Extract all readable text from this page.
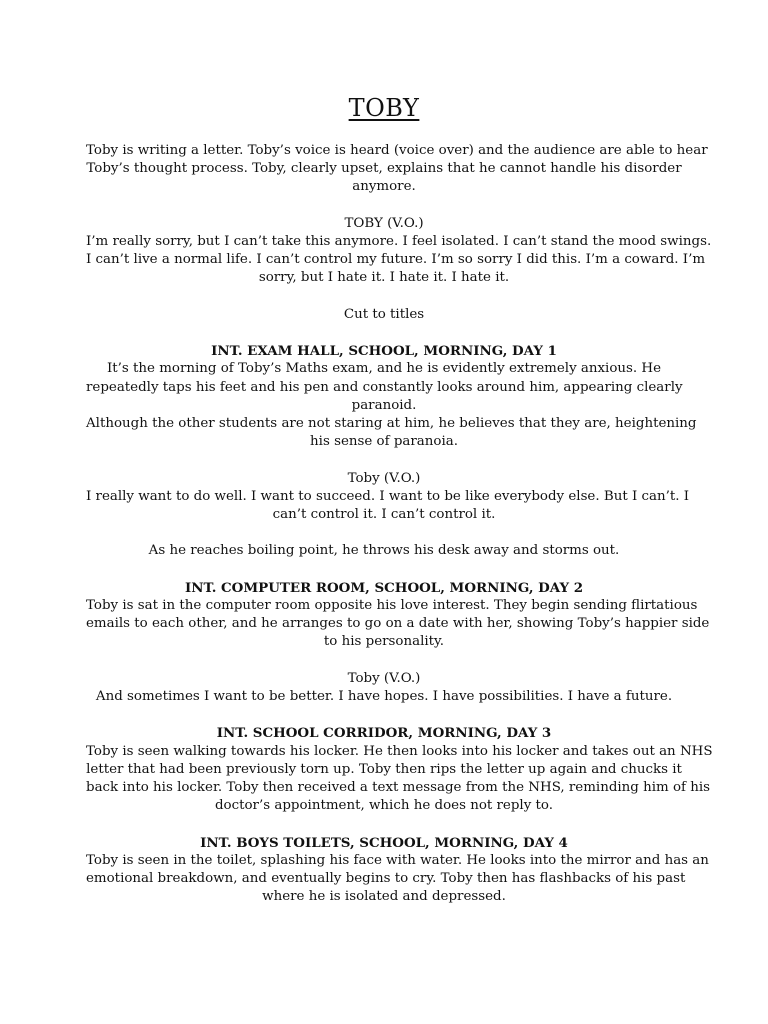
TOBY
Toby is writing a letter. Toby’s voice is heard (voice over) and the audience are able to hear
Toby’s thought process. Toby, clearly upset, explains that he cannot handle his disorder
anymore.
TOBY (V.O.)
I’m really sorry, but I can’t take this anymore. I feel isolated. I can’t stand the mood swings.
I can’t live a normal life. I can’t control my future. I’m so sorry I did this. I’m a coward. I’m
sorry, but I hate it. I hate it. I hate it.
Cut to titles
INT. EXAM HALL, SCHOOL, MORNING, DAY 1
It’s the morning of Toby’s Maths exam, and he is evidently extremely anxious. He
repeatedly taps his feet and his pen and constantly looks around him, appearing clearly
paranoid.
Although the other students are not staring at him, he believes that they are, heightening
his sense of paranoia.
Toby (V.O.)
I really want to do well. I want to succeed. I want to be like everybody else. But I can’t. I
can’t control it. I can’t control it.
As he reaches boiling point, he throws his desk away and storms out.
INT. COMPUTER ROOM, SCHOOL, MORNING, DAY 2
Toby is sat in the computer room opposite his love interest. They begin sending flirtatious
emails to each other, and he arranges to go on a date with her, showing Toby’s happier side
to his personality.
Toby (V.O.)
And sometimes I want to be better. I have hopes. I have possibilities. I have a future.
INT. SCHOOL CORRIDOR, MORNING, DAY 3
Toby is seen walking towards his locker. He then looks into his locker and takes out an NHS
letter that had been previously torn up. Toby then rips the letter up again and chucks it
back into his locker. Toby then received a text message from the NHS, reminding him of his
doctor’s appointment, which he does not reply to.
INT. BOYS TOILETS, SCHOOL, MORNING, DAY 4
Toby is seen in the toilet, splashing his face with water. He looks into the mirror and has an
emotional breakdown, and eventually begins to cry. Toby then has flashbacks of his past
where he is isolated and depressed.
